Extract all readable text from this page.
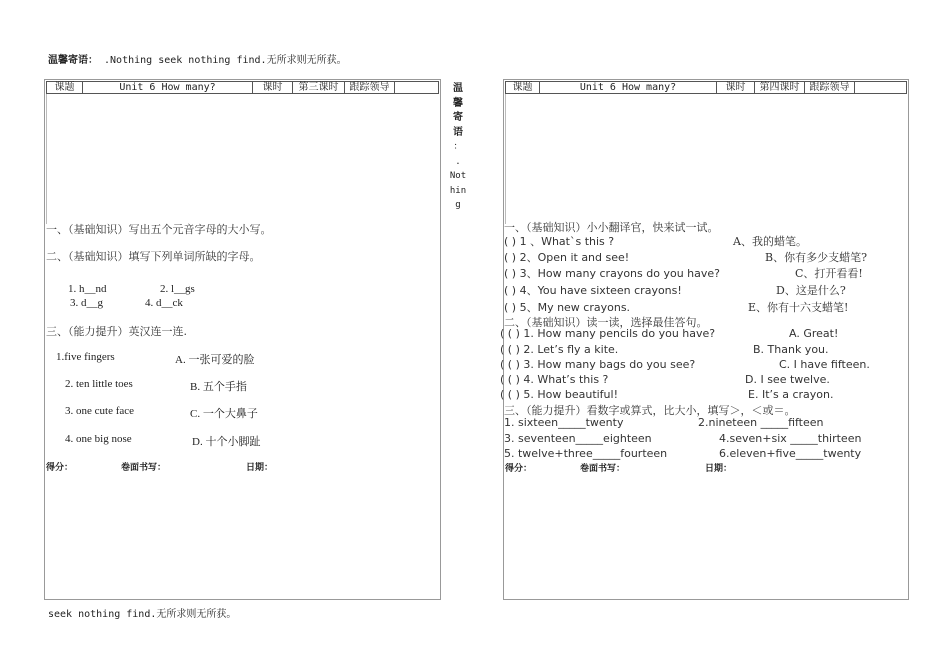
温馨寄语： .Nothing seek nothing find.无所求则无所获。
课题	Unit 6 How many?	课时	第三课时	跟踪领导
一、（基础知识）写出五个元音字母的大小写。
二、（基础知识）填写下列单词所缺的字母。
1. h__nd	2. l__gs
3. d__g	4. d__ck
三、（能力提升）英汉连一连.
1.five fingers	A. 一张可爱的脸
2. ten little toes	B. 五个手指
3. one cute face	C. 一个大鼻子
4. one big nose	D. 十个小脚趾
得分：	卷面书写：	日期：
温
馨
寄
语
：
.
Not
hin
g
课题	Unit 6 How many?	课时	第四课时	跟踪领导
一、（基础知识）小小翻译官，快来试一试。
( ) 1 、What`s this ?	A、我的蜡笔。
( ) 2、Open it and see!	B、你有多少支蜡笔?
( ) 3、How many crayons do you have?	C、打开看看!
( ) 4、You have sixteen crayons!	D、这是什么?
( ) 5、My new crayons.	E、你有十六支蜡笔!
二、（基础知识）读一读，选择最佳答句。
( ( ) 1. How many pencils do you have?	A. Great!
( ( ) 2. Let’s fly a kite.	B. Thank you.
( ( ) 3. How many bags do you see?	C. I have fifteen.
( ( ) 4. What’s this ?	D. I see twelve.
( ( ) 5. How beautiful!	E. It’s a crayon.
三、（能力提升）看数字或算式，比大小，填写＞，＜或＝。
1. sixteen_____twenty	2.nineteen _____fifteen
3. seventeen_____eighteen	4.seven+six _____thirteen
5. twelve+three_____fourteen	6.eleven+five_____twenty
得分：	卷面书写：	日期：
seek nothing find.无所求则无所获。
